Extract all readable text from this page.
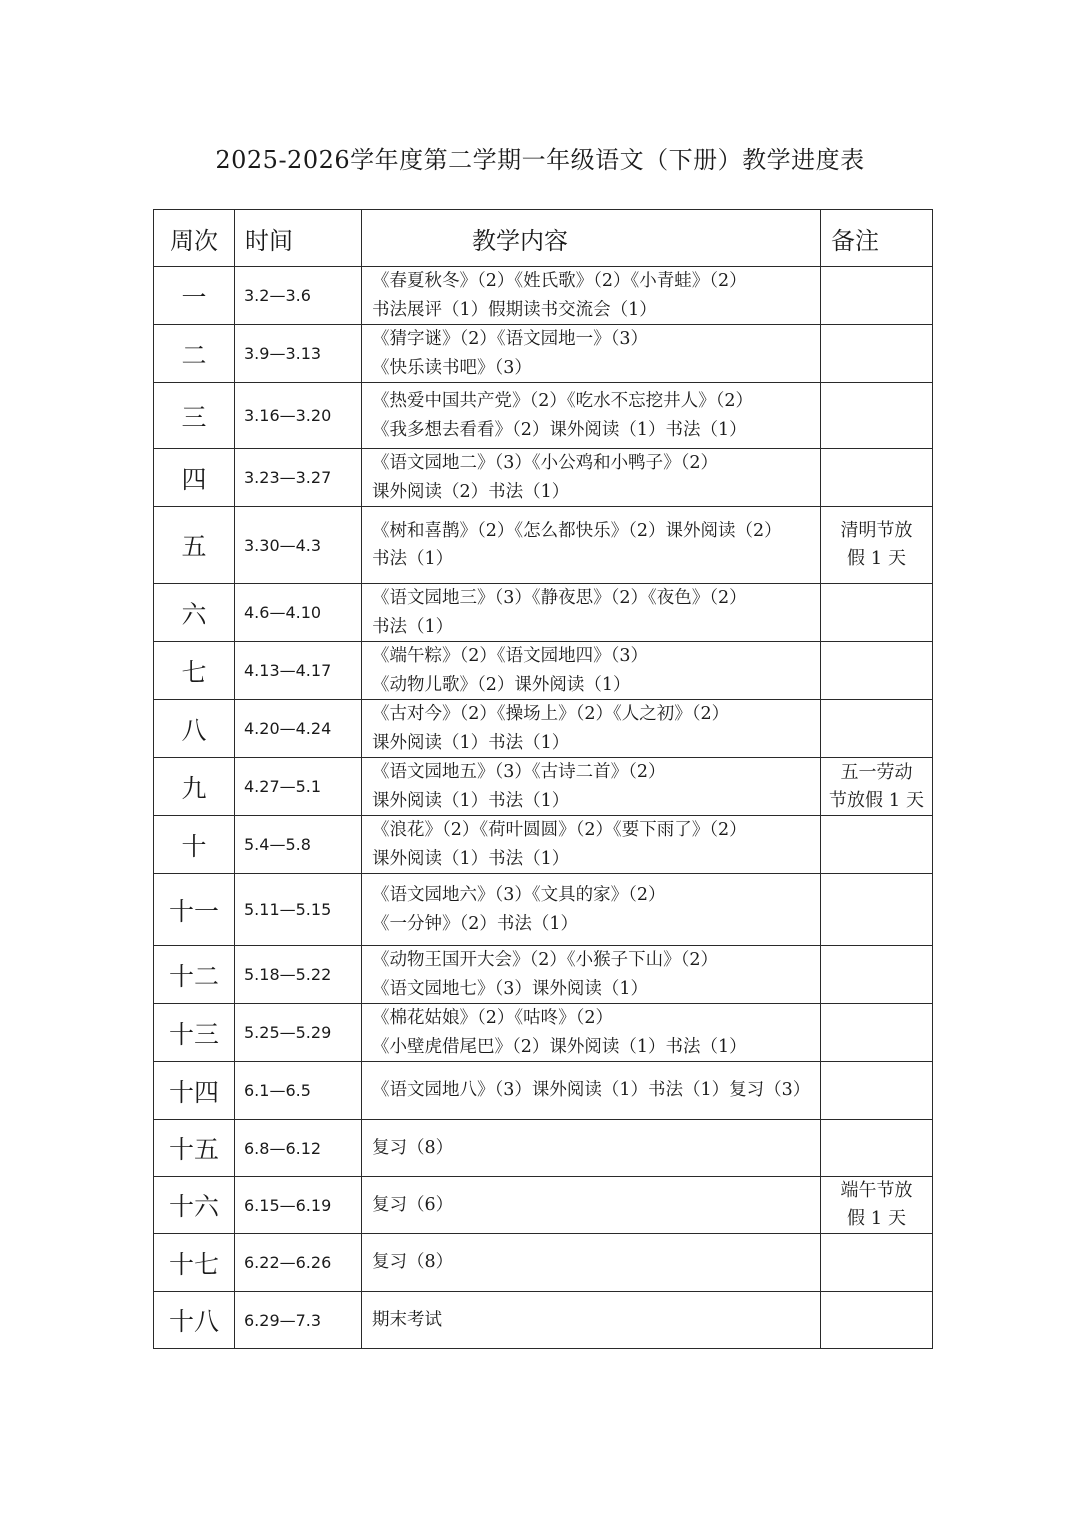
2025-2026学年度第二学期一年级语文（下册）教学进度表
周次	时间	教学内容	备注
一	3.2—3.6	《春夏秋冬》（2）《姓氏歌》（2）《小青蛙》（2）
书法展评（1）假期读书交流会（1）	

二	3.9—3.13	《猜字谜》（2）《语文园地一》（3）
《快乐读书吧》（3）	

三	3.16—3.20	《热爱中国共产党》（2）《吃水不忘挖井人》（2）
《我多想去看看》（2）课外阅读（1）书法（1）	

四	3.23—3.27	《语文园地二》（3）《小公鸡和小鸭子》（2）
课外阅读（2）书法（1）	

五	3.30—4.3	《树和喜鹊》（2）《怎么都快乐》（2）课外阅读（2）
书法（1）	清明节放
假 1 天

六	4.6—4.10	《语文园地三》（3）《静夜思》（2）《夜色》（2）
书法（1）	

七	4.13—4.17	《端午粽》（2）《语文园地四》（3）
《动物儿歌》（2）课外阅读（1）	

八	4.20—4.24	《古对今》（2）《操场上》（2）《人之初》（2）
课外阅读（1）书法（1）	

九	4.27—5.1	《语文园地五》（3）《古诗二首》（2）
课外阅读（1）书法（1）	五一劳动
节放假 1 天

十	5.4—5.8	《浪花》（2）《荷叶圆圆》（2）《要下雨了》（2）
课外阅读（1）书法（1）	

十一	5.11—5.15	《语文园地六》（3）《文具的家》（2）
《一分钟》（2）书法（1）	

十二	5.18—5.22	《动物王国开大会》（2）《小猴子下山》（2）
《语文园地七》（3）课外阅读（1）	

十三	5.25—5.29	《棉花姑娘》（2）《咕咚》（2）
《小壁虎借尾巴》（2）课外阅读（1）书法（1）	

十四	6.1—6.5	《语文园地八》（3）课外阅读（1）书法（1）复习（3）	

十五	6.8—6.12	复习（8）	

十六	6.15—6.19	复习（6）	端午节放
假 1 天

十七	6.22—6.26	复习（8）	

十八	6.29—7.3	期末考试	
